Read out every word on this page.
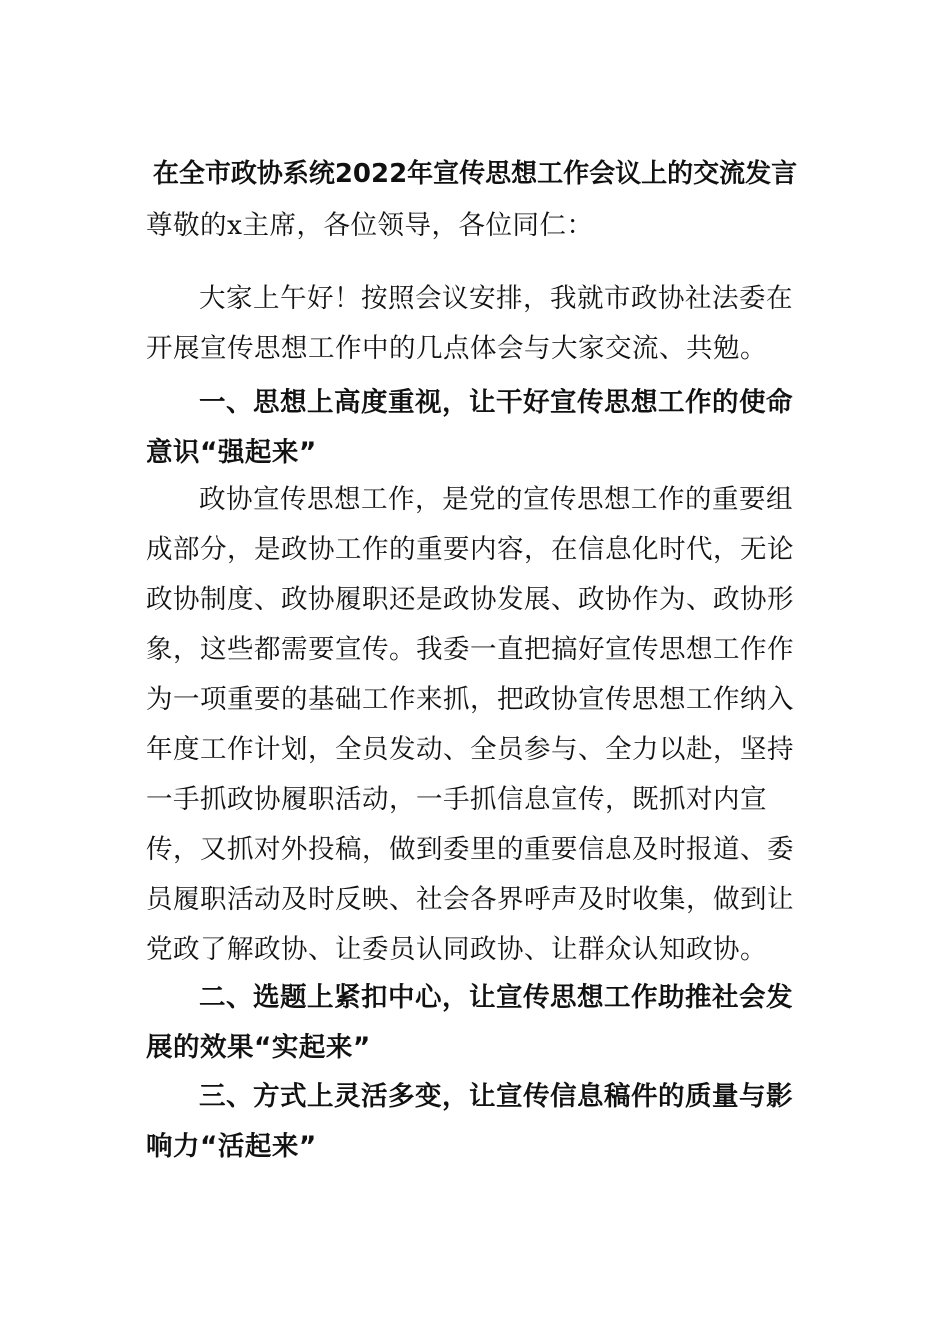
在全市政协系统2022年宣传思想工作会议上的交流发言

尊敬的x主席，各位领导，各位同仁：

大家上午好！按照会议安排，我就市政协社法委在开展宣传思想工作中的几点体会与大家交流、共勉。

一、思想上高度重视，让干好宣传思想工作的使命意识“强起来”

政协宣传思想工作，是党的宣传思想工作的重要组成部分，是政协工作的重要内容，在信息化时代，无论政协制度、政协履职还是政协发展、政协作为、政协形象，这些都需要宣传。我委一直把搞好宣传思想工作作为一项重要的基础工作来抓，把政协宣传思想工作纳入年度工作计划，全员发动、全员参与、全力以赴，坚持一手抓政协履职活动，一手抓信息宣传，既抓对内宣传，又抓对外投稿，做到委里的重要信息及时报道、委员履职活动及时反映、社会各界呼声及时收集，做到让党政了解政协、让委员认同政协、让群众认知政协。

二、选题上紧扣中心，让宣传思想工作助推社会发展的效果“实起来”

三、方式上灵活多变，让宣传信息稿件的质量与影响力“活起来”
